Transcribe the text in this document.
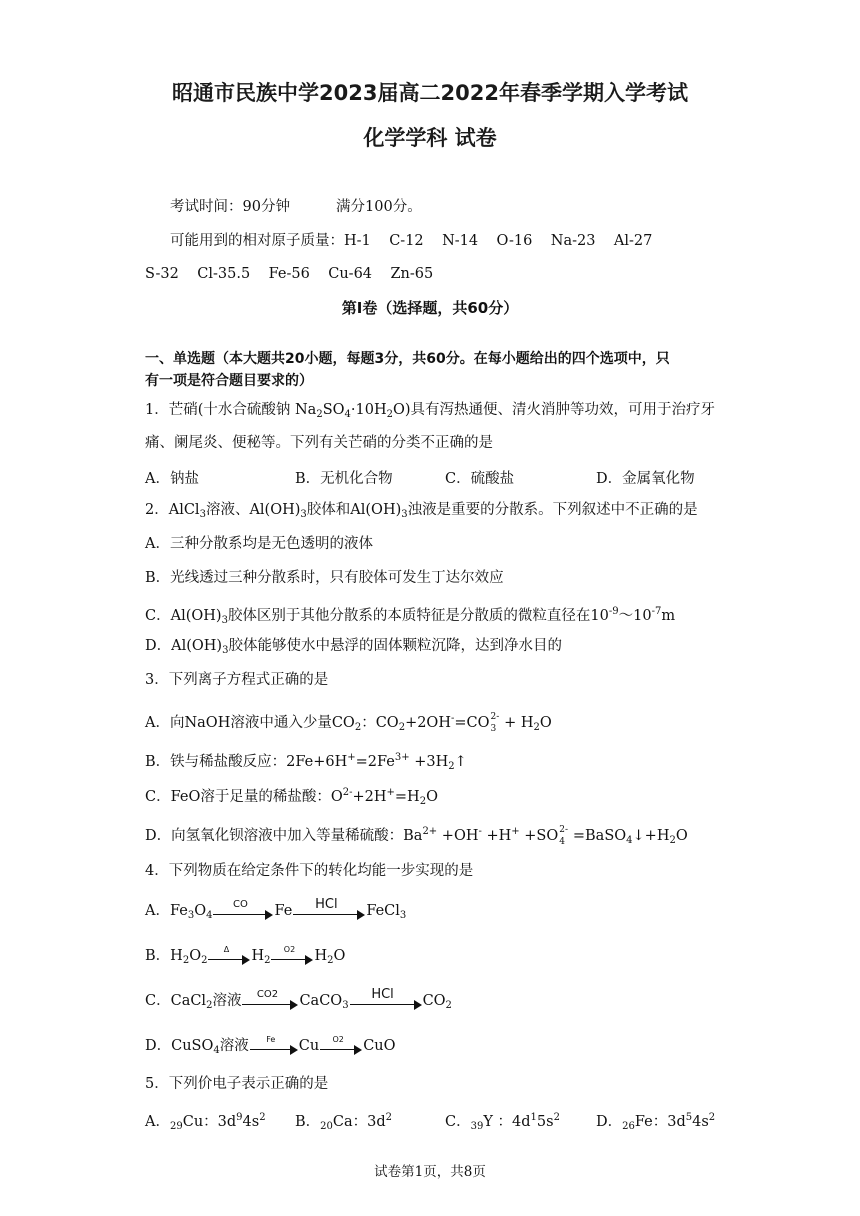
昭通市民族中学2023届高二2022年春季学期入学考试
化学学科 试卷
考试时间：90分钟          满分100分。
可能用到的相对原子质量：H-1    C-12    N-14    O-16    Na-23    Al-27
S-32    Cl-35.5    Fe-56    Cu-64    Zn-65
第Ⅰ卷（选择题，共60分）
一、单选题（本大题共20小题，每题3分，共60分。在每小题给出的四个选项中，只
有一项是符合题目要求的）
1．芒硝(十水合硫酸钠 $Na_2SO_4\cdot 10H_2O$)具有泻热通便、清火消肿等功效，可用于治疗牙
痛、阑尾炎、便秘等。下列有关芒硝的分类不正确的是
A．钠盐	B．无机化合物	C．硫酸盐	D．金属氧化物
2．AlCl$_3$溶液、$Al(OH)_3$胶体和$Al(OH)_3$浊液是重要的分散系。下列叙述中不正确的是
A．三种分散系均是无色透明的液体
B．光线透过三种分散系时，只有胶体可发生丁达尔效应
C．$Al(OH)_3$胶体区别于其他分散系的本质特征是分散质的微粒直径在$10^{-9}\sim 10^{-7}m$
D．$Al(OH)_3$胶体能够使水中悬浮的固体颗粒沉降，达到净水目的
3．下列离子方程式正确的是
A．向NaOH溶液中通入少量$CO_2$：$CO_2+2OH^-=CO$ 2-
$3 + H_2O$
B．铁与稀盐酸反应：$2Fe+6H^+=2Fe^{3+}$ $+3H_2↑$
C．FeO溶于足量的稀盐酸：$O^{2-}+2H^+=H_2O$
D．向氢氧化钡溶液中加入等量稀硫酸：$Ba^{2+} +OH^- +H^+ +SO$ 2-
$4 =BaSO_4↓+H_2O$
4．下列物质在给定条件下的转化均能一步实现的是
A．$Fe_3O_4$
CO	Fe	HCl	FeCl$_3$
B．$H_2O_2$
Δ	$H_2$
O2	$H_2O$
C．CaCl$_2$溶液	CO2	CaCO$_3$
HCl	$CO_2$
D．CuSO$_4$溶液	Fe	Cu	O2	CuO
5．下列价电子表示正确的是
A．$_{29}$Cu：$3d^94s^2$ B．$_{20}$Ca：$3d^2$	C．$_{39}$Y ：$4d^15s^2$ D．$_{26}$Fe：$3d^54s^2$
试卷第1页，共8页
